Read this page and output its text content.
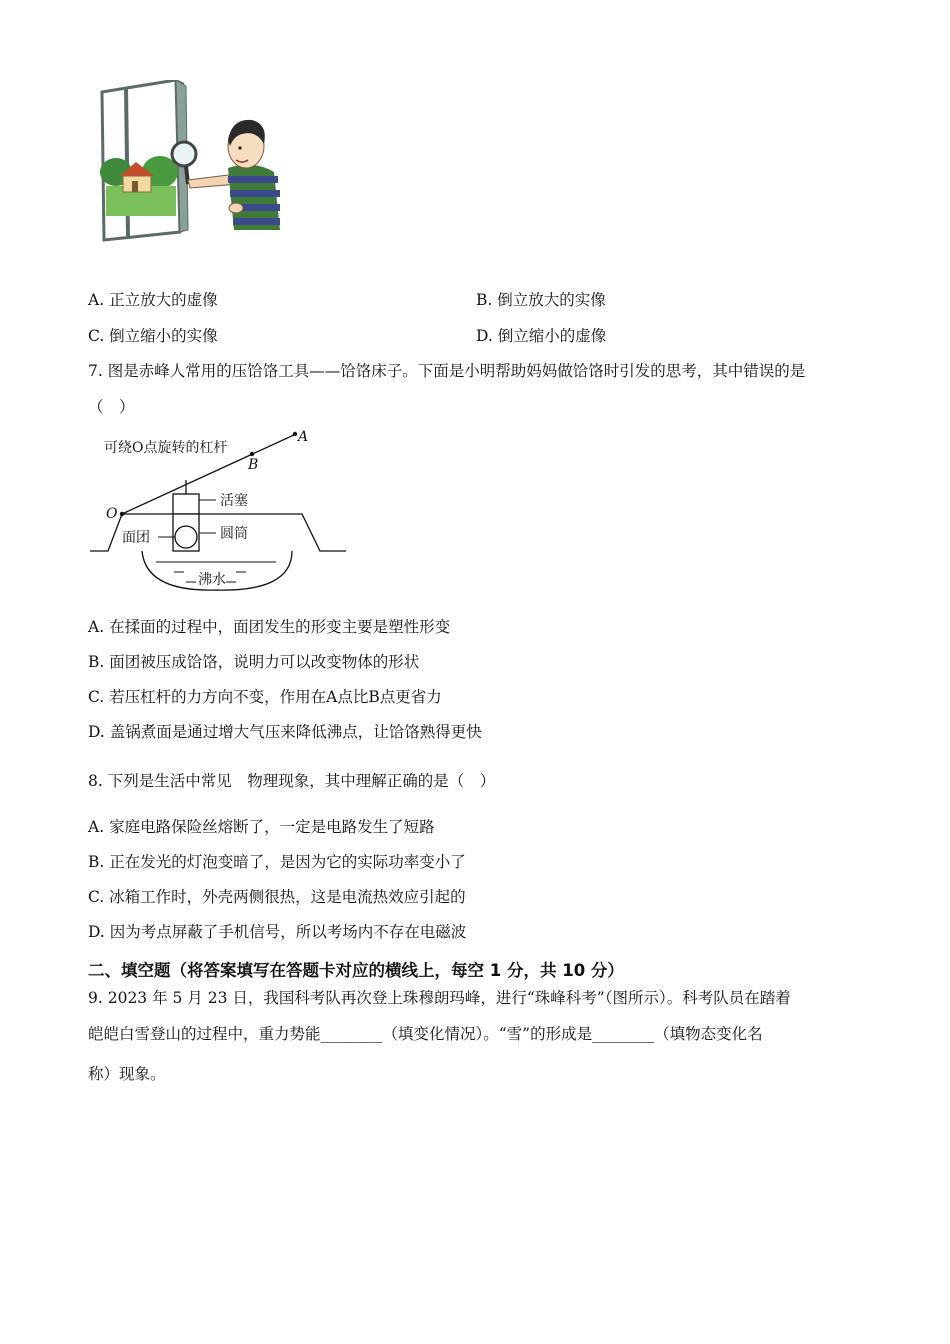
A. 正立放大的虚像	B. 倒立放大的实像
C. 倒立缩小的实像	D. 倒立缩小的虚像
7. 图是赤峰人常用的压饸饹工具——饸饹床子。下面是小明帮助妈妈做饸饹时引发的思考，其中错误的是
（　）
可绕O点旋转的杠杆
A
B
O
活塞
圆筒
面团
沸水
A. 在揉面的过程中，面团发生的形变主要是塑性形变
B. 面团被压成饸饹，说明力可以改变物体的形状
C. 若压杠杆的力方向不变，作用在A点比B点更省力
D. 盖锅煮面是通过增大气压来降低沸点，让饸饹熟得更快
8. 下列是生活中常见　物理现象，其中理解正确的是（　）
A. 家庭电路保险丝熔断了，一定是电路发生了短路
B. 正在发光的灯泡变暗了，是因为它的实际功率变小了
C. 冰箱工作时，外壳两侧很热，这是电流热效应引起的
D. 因为考点屏蔽了手机信号，所以考场内不存在电磁波
二、填空题（将答案填写在答题卡对应的横线上，每空 1 分，共 10 分）
9. 2023 年 5 月 23 日，我国科考队再次登上珠穆朗玛峰，进行“珠峰科考”（图所示）。科考队员在踏着
皑皑白雪登山的过程中，重力势能________（填变化情况）。“雪”的形成是________（填物态变化名
称）现象。
